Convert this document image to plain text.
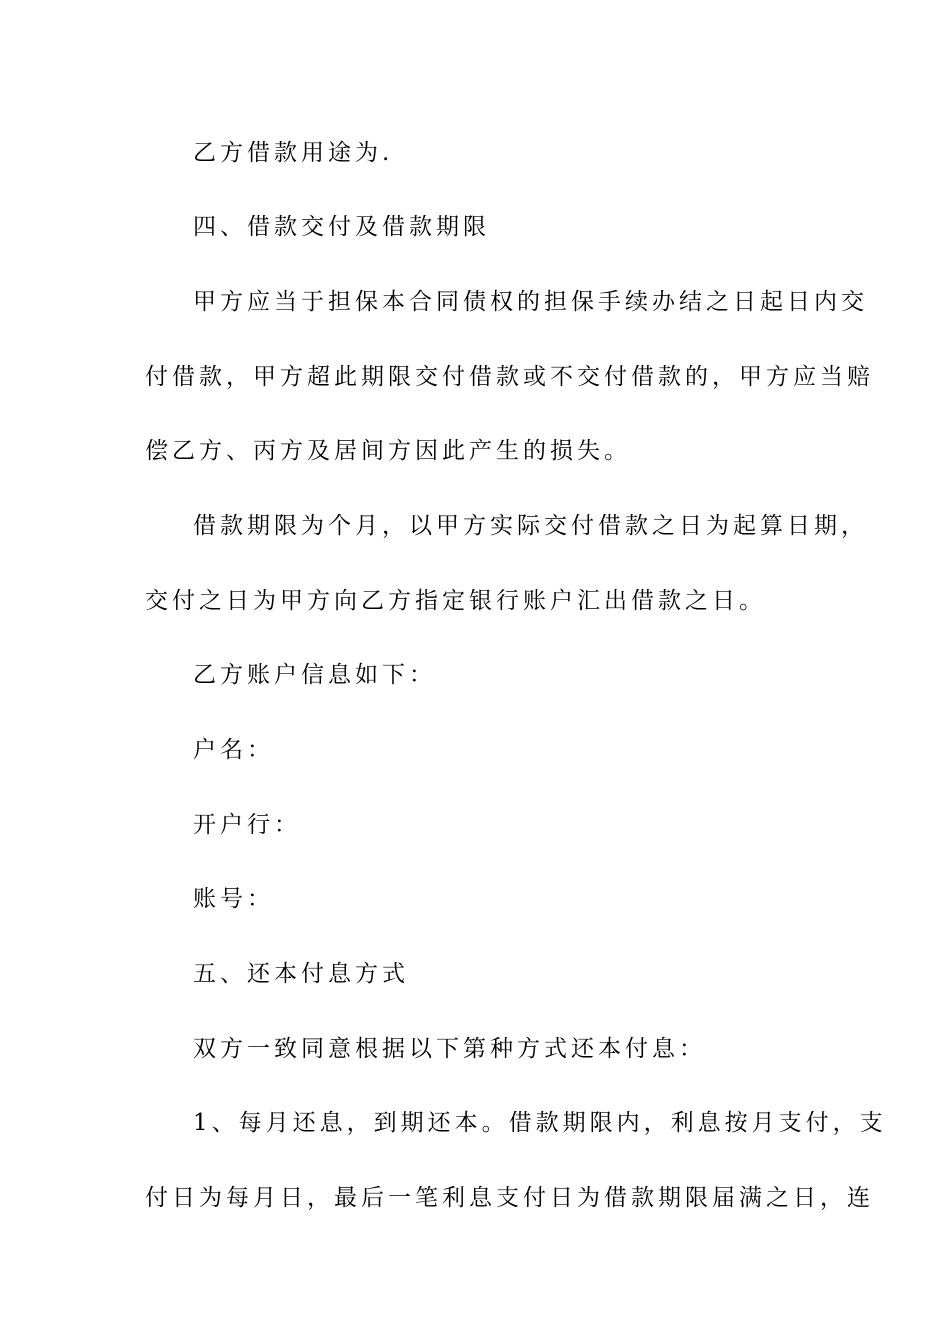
乙方借款用途为.
四、借款交付及借款期限
甲方应当于担保本合同债权的担保手续办结之日起日内交
付借款，甲方超此期限交付借款或不交付借款的，甲方应当赔
偿乙方、丙方及居间方因此产生的损失。
借款期限为个月，以甲方实际交付借款之日为起算日期，
交付之日为甲方向乙方指定银行账户汇出借款之日。
乙方账户信息如下：
户名：
开户行：
账号：
五、还本付息方式
双方一致同意根据以下第种方式还本付息：
1、每月还息，到期还本。借款期限内，利息按月支付，支
付日为每月日，最后一笔利息支付日为借款期限届满之日，连
